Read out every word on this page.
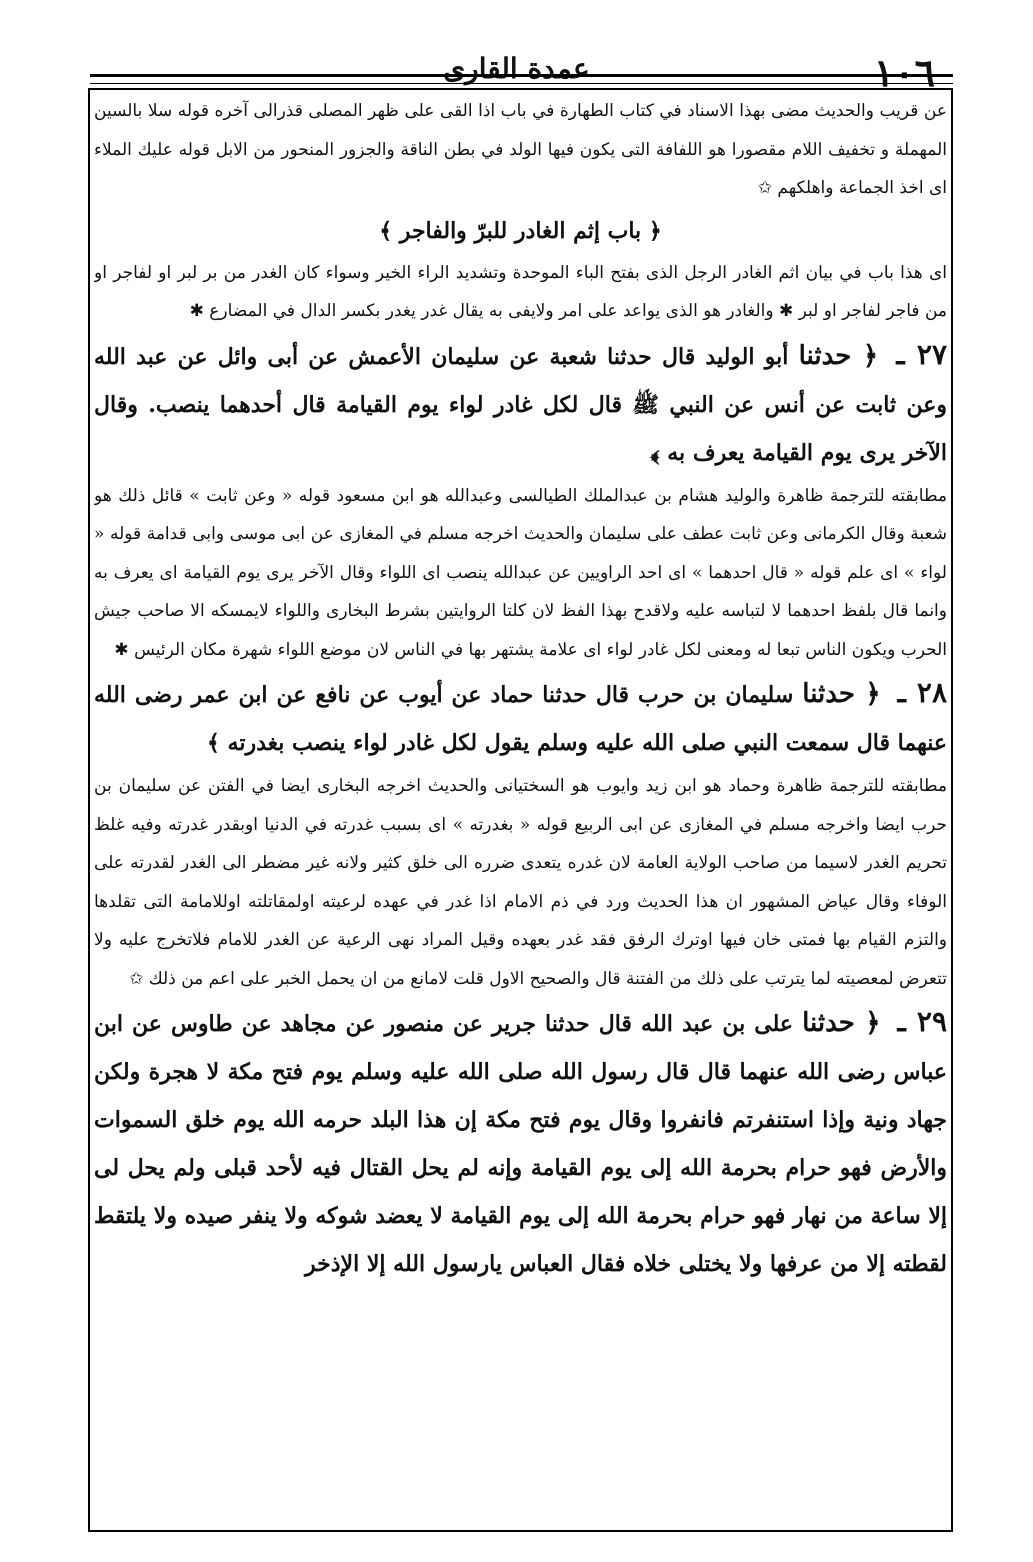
١٠٦
عمدة القارى

عن قريب والحديث مضى بهذا الاسناد في كتاب الطهارة في باب اذا القى على ظهر المصلى قذرالى آخره قوله سلا بالسين المهملة و تخفيف اللام مقصورا هو اللفافة التى يكون فيها الولد في بطن الناقة والجزور المنحور من الابل قوله عليك الملاء اى اخذ الجماعة واهلكهم ✩

﴿ باب إثم الغادر للبرّ والفاجر ﴾

اى هذا باب في بيان اثم الغادر الرجل الذى بفتح الباء الموحدة وتشديد الراء الخير وسواء كان الغدر من بر لبر او لفاجر او من فاجر لفاجر او لبر ✱ والغادر هو الذى يواعد على امر ولايفى به يقال غدر يغدر بكسر الدال في المضارع ✱

٢٧ ـ ﴿ حدثنا أبو الوليد قال حدثنا شعبة عن سليمان الأعمش عن أبى وائل عن عبد الله وعن ثابت عن أنس عن النبي ﷺ قال لكل غادر لواء يوم القيامة قال أحدهما ينصب. وقال الآخر يرى يوم القيامة يعرف به ﴾

مطابقته للترجمة ظاهرة والوليد هشام بن عبدالملك الطيالسى وعبدالله هو ابن مسعود قوله « وعن ثابت » قائل ذلك هو شعبة وقال الكرمانى وعن ثابت عطف على سليمان والحديث اخرجه مسلم في المغازى عن ابى موسى وابى قدامة قوله « لواء » اى علم قوله « قال احدهما » اى احد الراويين عن عبدالله ينصب اى اللواء وقال الآخر يرى يوم القيامة اى يعرف به وانما قال بلفظ احدهما لا لتباسه عليه ولاقدح بهذا الفظ لان كلتا الروايتين بشرط البخارى واللواء لايمسكه الا صاحب جيش الحرب ويكون الناس تبعا له ومعنى لكل غادر لواء اى علامة يشتهر بها في الناس لان موضع اللواء شهرة مكان الرئيس ✱

٢٨ ـ ﴿ حدثنا سليمان بن حرب قال حدثنا حماد عن أيوب عن نافع عن ابن عمر رضى الله عنهما قال سمعت النبي صلى الله عليه وسلم يقول لكل غادر لواء ينصب بغدرته ﴾

مطابقته للترجمة ظاهرة وحماد هو ابن زيد وايوب هو السختيانى والحديث اخرجه البخارى ايضا في الفتن عن سليمان بن حرب ايضا واخرجه مسلم في المغازى عن ابى الربيع قوله « بغدرته » اى بسبب غدرته في الدنيا اوبقدر غدرته وفيه غلظ تحريم الغدر لاسيما من صاحب الولاية العامة لان غدره يتعدى ضرره الى خلق كثير ولانه غير مضطر الى الغدر لقدرته على الوفاء وقال عياض المشهور ان هذا الحديث ورد في ذم الامام اذا غدر في عهده لرعيته اولمقاتلته اوللامامة التى تقلدها والتزم القيام بها فمتى خان فيها اوترك الرفق فقد غدر بعهده وقيل المراد نهى الرعية عن الغدر للامام فلاتخرج عليه ولا تتعرض لمعصيته لما يترتب على ذلك من الفتنة قال والصحيح الاول قلت لامانع من ان يحمل الخبر على اعم من ذلك ✩

٢٩ ـ ﴿ حدثنا على بن عبد الله قال حدثنا جرير عن منصور عن مجاهد عن طاوس عن ابن عباس رضى الله عنهما قال قال رسول الله صلى الله عليه وسلم يوم فتح مكة لا هجرة ولكن جهاد ونية وإذا استنفرتم فانفروا وقال يوم فتح مكة إن هذا البلد حرمه الله يوم خلق السموات والأرض فهو حرام بحرمة الله إلى يوم القيامة وإنه لم يحل القتال فيه لأحد قبلى ولم يحل لى إلا ساعة من نهار فهو حرام بحرمة الله إلى يوم القيامة لا يعضد شوكه ولا ينفر صيده ولا يلتقط لقطته إلا من عرفها ولا يختلى خلاه فقال العباس يارسول الله إلا الإذخر
